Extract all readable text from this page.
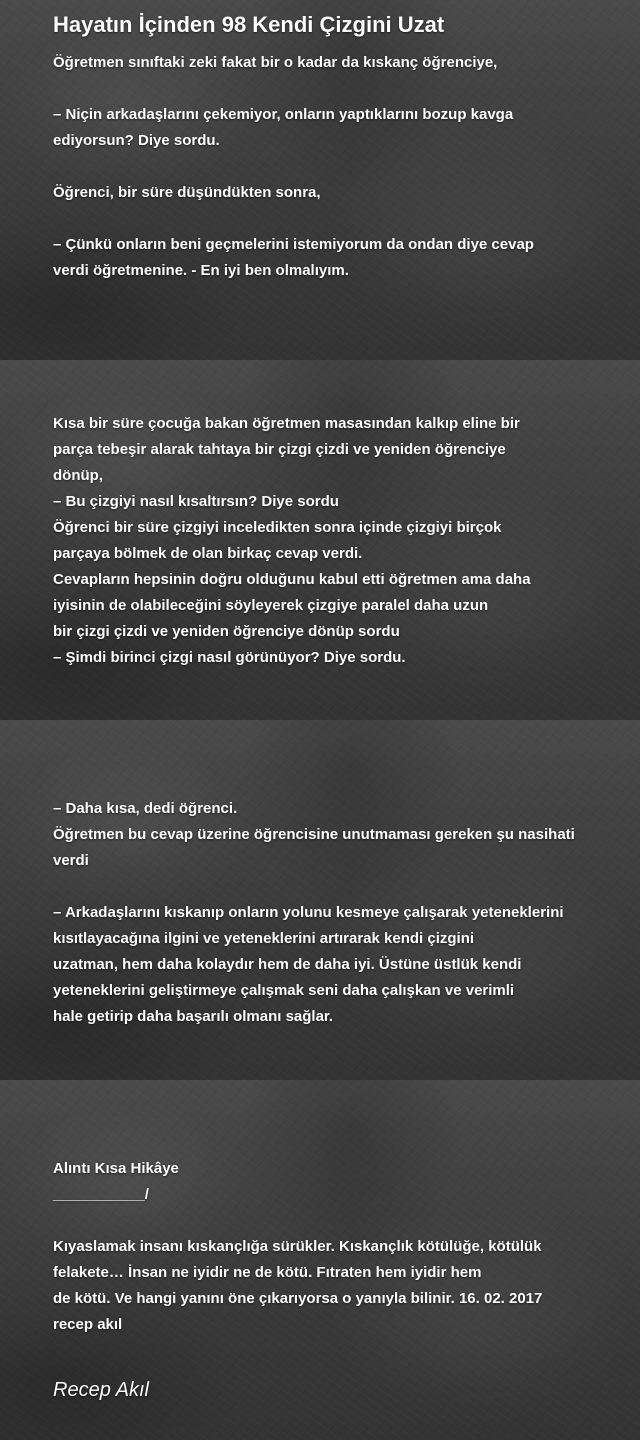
Hayatın İçinden 98 Kendi Çizgini Uzat

Öğretmen sınıftaki zeki fakat bir o kadar da kıskanç öğrenciye,

– Niçin arkadaşlarını çekemiyor, onların yaptıklarını bozup kavga

ediyorsun? Diye sordu.

Öğrenci, bir süre düşündükten sonra,

– Çünkü onların beni geçmelerini istemiyorum da ondan diye cevap

verdi öğretmenine. - En iyi ben olmalıyım.

Kısa bir süre çocuğa bakan öğretmen masasından kalkıp eline bir

parça tebeşir alarak tahtaya bir çizgi çizdi ve yeniden öğrenciye

dönüp,

– Bu çizgiyi nasıl kısaltırsın? Diye sordu

Öğrenci bir süre çizgiyi inceledikten sonra içinde çizgiyi birçok

parçaya bölmek de olan birkaç cevap verdi.

Cevapların hepsinin doğru olduğunu kabul etti öğretmen ama daha

iyisinin de olabileceğini söyleyerek çizgiye paralel daha uzun

bir çizgi çizdi ve yeniden öğrenciye dönüp sordu

– Şimdi birinci çizgi nasıl görünüyor? Diye sordu.

– Daha kısa, dedi öğrenci.

Öğretmen bu cevap üzerine öğrencisine unutmaması gereken şu nasihati

verdi

– Arkadaşlarını kıskanıp onların yolunu kesmeye çalışarak yeteneklerini

kısıtlayacağına ilgini ve yeteneklerini artırarak kendi çizgini

uzatman, hem daha kolaydır hem de daha iyi. Üstüne üstlük kendi

yeteneklerini geliştirmeye çalışmak seni daha çalışkan ve verimli

hale getirip daha başarılı olmanı sağlar.

Alıntı Kısa Hikâye

___________/

Kıyaslamak insanı kıskançlığa sürükler. Kıskançlık kötülüğe, kötülük

felakete… İnsan ne iyidir ne de kötü. Fıtraten hem iyidir hem

de kötü. Ve hangi yanını öne çıkarıyorsa o yanıyla bilinir. 16. 02. 2017

recep akıl

Recep Akıl
